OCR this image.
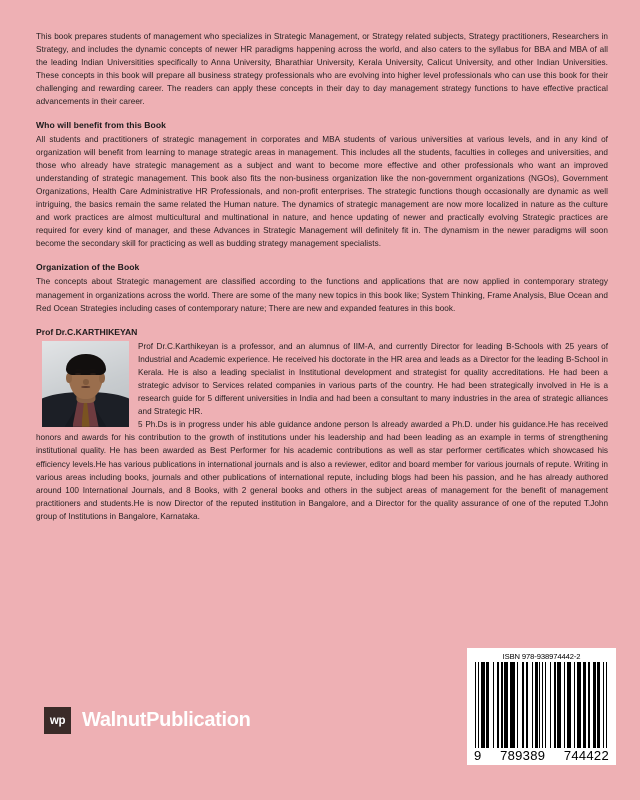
This book prepares students of management who specializes in Strategic Management, or Strategy related subjects, Strategy practitioners, Researchers in Strategy, and includes the dynamic concepts of newer HR paradigms happening across the world, and also caters to the syllabus for BBA and MBA of all the leading Indian Universitities specifically to Anna University, Bharathiar University, Kerala University, Calicut University, and other Indian Universities. These concepts in this book will prepare all business strategy professionals who are evolving into higher level professionals who can use this book for their challenging and rewarding career. The readers can apply these concepts in their day to day management strategy functions to have effective practical advancements in their career.

Who will benefit from this Book

All students and practitioners of strategic management in corporates and MBA students of various universities at various levels, and in any kind of organization will benefit from learning to manage strategic areas in management. This includes all the students, faculties in colleges and universities, and those who already have strategic management as a subject and want to become more effective and other professionals who want an improved understanding of strategic management. This book also fits the non-business organization like the non-government organizations (NGOs), Government Organizations, Health Care Administrative HR Professionals, and non-profit enterprises. The strategic functions though occasionally are dynamic as well intriguing, the basics remain the same related the Human nature. The dynamics of strategic management are now more localized in nature as the culture and work practices are almost multicultural and multinational in nature, and hence updating of newer and practically evolving Strategic practices are required for every kind of manager, and these Advances in Strategic Management will definitely fit in. The dynamism in the newer paradigms will soon become the secondary skill for practicing as well as budding strategy management specialists.

Organization of the Book

The concepts about Strategic management are classified according to the functions and applications that are now applied in contemporary strategy management in organizations across the world. There are some of the many new topics in this book like; System Thinking, Frame Analysis, Blue Ocean and Red Ocean Strategies including cases of contemporary nature; There are new and expanded features in this book.

Prof Dr.C.KARTHIKEYAN

Prof Dr.C.Karthikeyan is a professor, and an alumnus of IIM-A, and currently Director for leading B-Schools with 25 years of Industrial and Academic experience. He received his doctorate in the HR area and leads as a Director for the leading B-School in Kerala. He is also a leading specialist in Institutional development and strategist for quality accreditations. He had been a strategic advisor to Services related companies in various parts of the country. He had been strategically involved in He is a research guide for 5 different universities in India and had been a consultant to many industries in the area of strategic alliances and Strategic HR.

5 Ph.Ds is in progress under his able guidance andone person Is already awarded a Ph.D. under his guidance.He has received honors and awards for his contribution to the growth of institutions under his leadership and had been leading as an example in terms of strengthening institutional quality. He has been awarded as Best Performer for his academic contributions as well as star performer certificates which showcased his efficiency levels.He has various publications in international journals and is also a reviewer, editor and board member for various journals of repute. Writing in various areas including books, journals and other publications of international repute, including blogs had been his passion, and he has already authored around 100 International Journals, and 8 Books, with 2 general books and others in the subject areas of management for the benefit of management practitioners and students.He is now Director of the reputed institution in Bangalore, and a Director for the quality assurance of one of the reputed T.John group of Institutions in Bangalore, Karnataka.

wp WalnutPublication
ISBN 978-938974442-2
9 789389 744422
